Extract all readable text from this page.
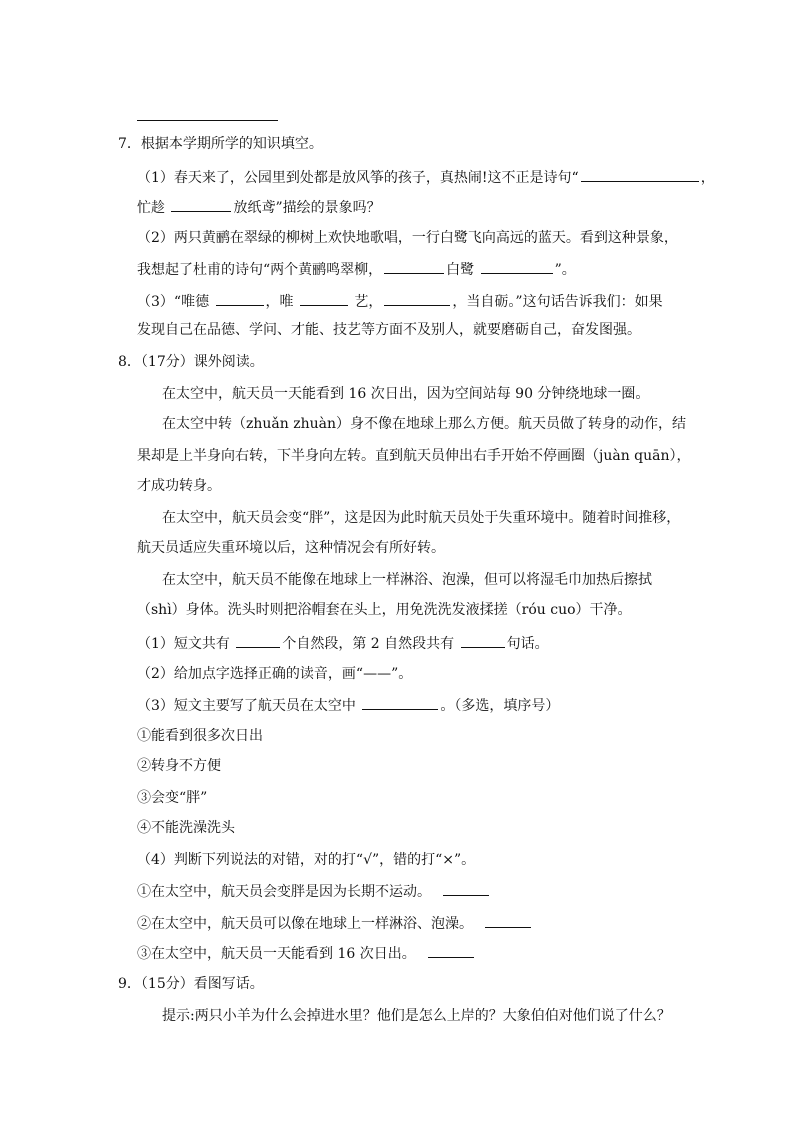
7．根据本学期所学的知识填空。
（1）春天来了，公园里到处都是放风筝的孩子，真热闹!这不正是诗句“	，
忙趁	放纸鸢”描绘的景象吗？
（2）两只黄鹂在翠绿的柳树上欢快地歌唱，一行白鹭飞向高远的蓝天。看到这种景象，
我想起了杜甫的诗句“两个黄鹂鸣翠柳，	白鹭	”。
（3）“唯德	，唯	艺，	，当自砺。”这句话告诉我们：如果
发现自己在品德、学问、才能、技艺等方面不及别人，就要磨砺自己，奋发图强。
8．（17分）课外阅读。
在太空中，航天员一天能看到 16 次日出，因为空间站每 90 分钟绕地球一圈。
在太空中转（zhuǎn zhuàn）身不像在地球上那么方便。航天员做了转身的动作，结
果却是上半身向右转，下半身向左转。直到航天员伸出右手开始不停画圈（juàn quān），
才成功转身。
在太空中，航天员会变“胖”，这是因为此时航天员处于失重环境中。随着时间推移，
航天员适应失重环境以后，这种情况会有所好转。
在太空中，航天员不能像在地球上一样淋浴、泡澡，但可以将湿毛巾加热后擦拭
（shì）身体。洗头时则把浴帽套在头上，用免洗洗发液揉搓（róu cuo）干净。
（1）短文共有	个自然段，第 2 自然段共有	句话。
（2）给加点字选择正确的读音，画“——”。
（3）短文主要写了航天员在太空中	。（多选，填序号）
①能看到很多次日出
②转身不方便
③会变“胖”
④不能洗澡洗头
（4）判断下列说法的对错，对的打“√”，错的打“×”。
①在太空中，航天员会变胖是因为长期不运动。
②在太空中，航天员可以像在地球上一样淋浴、泡澡。
③在太空中，航天员一天能看到 16 次日出。
9．（15分）看图写话。
提示:两只小羊为什么会掉进水里？他们是怎么上岸的？大象伯伯对他们说了什么？
